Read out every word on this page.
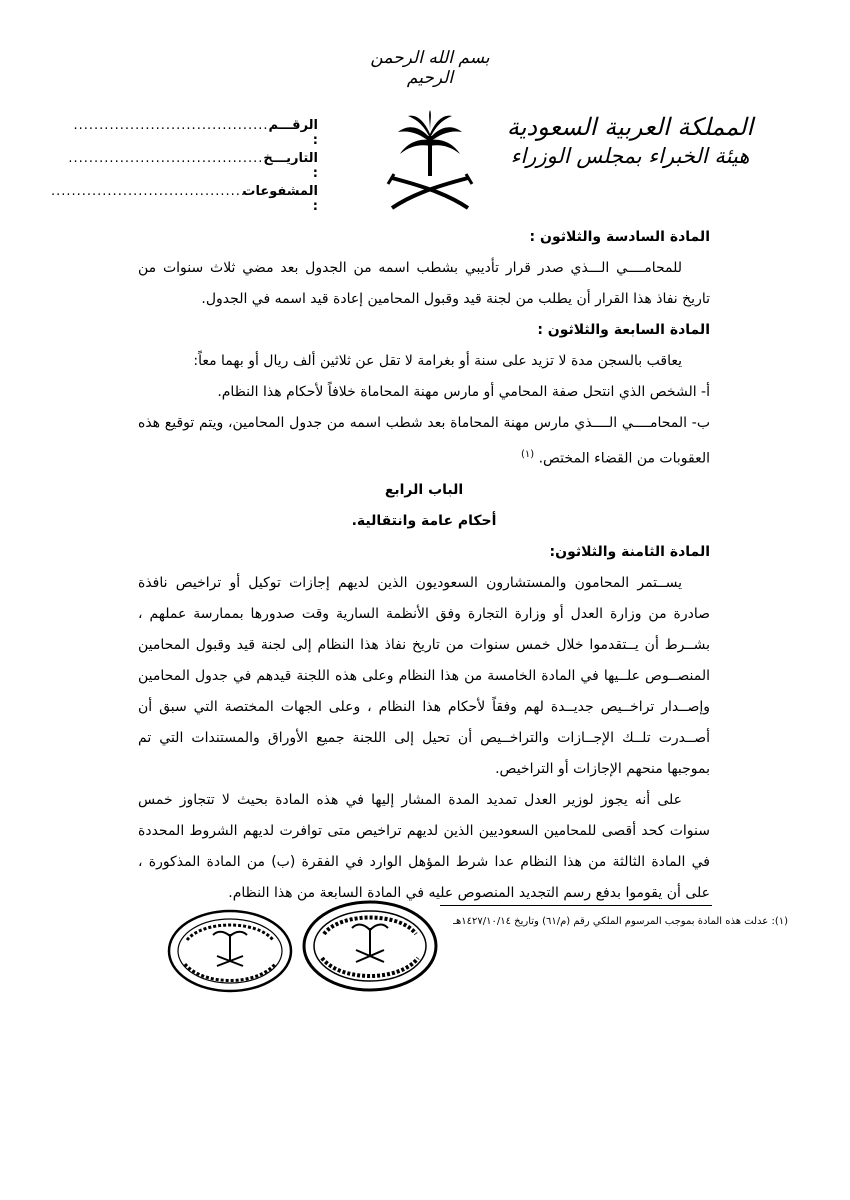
بسم الله الرحمن الرحيم
المملكة العربية السعودية
هيئة الخبراء بمجلس الوزراء
الرقـــم :
......................................
التاريـــخ :
......................................
المشفوعات :
......................................

المادة السادسة والثلاثون :

للمحامــــي الـــذي صدر قرار تأديبي بشطب اسمه من الجدول بعد مضي ثلاث سنوات من تاريخ نفاذ هذا القرار أن يطلب من لجنة قيد وقبول المحامين إعادة قيد اسمه في الجدول.

المادة السابعة والثلاثون :

يعاقب بالسجن مدة لا تزيد على سنة أو بغرامة لا تقل عن ثلاثين ألف ريال أو بهما معاً:

أ- الشخص الذي انتحل صفة المحامي أو مارس مهنة المحاماة خلافاً لأحكام هذا النظام.

ب- المحامــــي الــــذي مارس مهنة المحاماة بعد شطب اسمه من جدول المحامين، ويتم توقيع هذه العقوبات من القضاء المختص. $^{(١)}$

الباب الرابع

أحكام عامة وانتقالية.

المادة الثامنة والثلاثون:

يســتمر المحامون والمستشارون السعوديون الذين لديهم إجازات توكيل أو تراخيص نافذة صادرة من وزارة العدل أو وزارة التجارة وفق الأنظمة السارية وقت صدورها بممارسة عملهم ، بشــرط أن يــتقدموا خلال خمس سنوات من تاريخ نفاذ هذا النظام إلى لجنة قيد وقبول المحامين المنصــوص علــيها في المادة الخامسة من هذا النظام وعلى هذه اللجنة قيدهم في جدول المحامين وإصــدار تراخــيص جديــدة لهم وفقاً لأحكام هذا النظام ، وعلى الجهات المختصة التي سبق أن أصــدرت تلــك الإجــازات والتراخــيص أن تحيل إلى اللجنة جميع الأوراق والمستندات التي تم بموجبها منحهم الإجازات أو التراخيص.

على أنه يجوز لوزير العدل تمديد المدة المشار إليها في هذه المادة بحيث لا تتجاوز خمس سنوات كحد أقصى للمحامين السعوديين الذين لديهم تراخيص متى توافرت لديهم الشروط المحددة في المادة الثالثة من هذا النظام عدا شرط المؤهل الوارد في الفقرة (ب) من المادة المذكورة ، على أن يقوموا بدفع رسم التجديد المنصوص عليه في المادة السابعة من هذا النظام.

(١): عدلت هذه المادة بموجب المرسوم الملكي رقم (م/٦١) وتاريخ ١٤٢٧/١٠/١٤هـ
